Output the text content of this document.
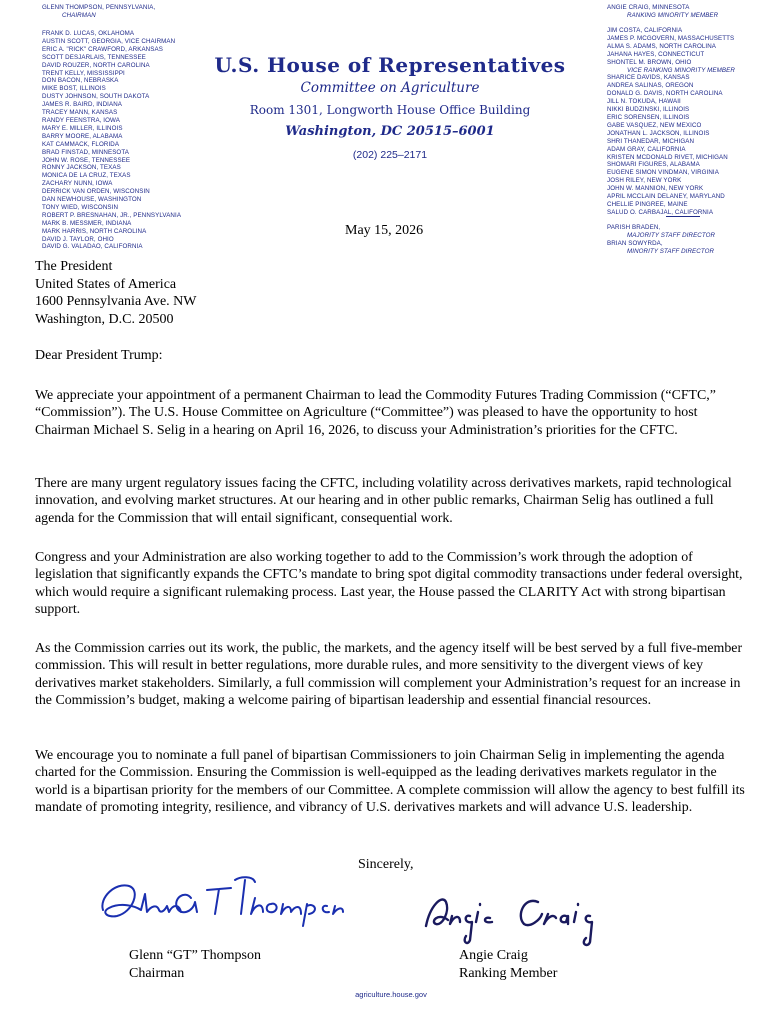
GLENN THOMPSON, PENNSYLVANIA,
CHAIRMAN
FRANK D. LUCAS, OKLAHOMA
AUSTIN SCOTT, GEORGIA, VICE CHAIRMAN
ERIC A. "RICK" CRAWFORD, ARKANSAS
SCOTT DESJARLAIS, TENNESSEE
DAVID ROUZER, NORTH CAROLINA
TRENT KELLY, MISSISSIPPI
DON BACON, NEBRASKA
MIKE BOST, ILLINOIS
DUSTY JOHNSON, SOUTH DAKOTA
JAMES R. BAIRD, INDIANA
TRACEY MANN, KANSAS
RANDY FEENSTRA, IOWA
MARY E. MILLER, ILLINOIS
BARRY MOORE, ALABAMA
KAT CAMMACK, FLORIDA
BRAD FINSTAD, MINNESOTA
JOHN W. ROSE, TENNESSEE
RONNY JACKSON, TEXAS
MONICA DE LA CRUZ, TEXAS
ZACHARY NUNN, IOWA
DERRICK VAN ORDEN, WISCONSIN
DAN NEWHOUSE, WASHINGTON
TONY WIED, WISCONSIN
ROBERT P. BRESNAHAN, JR., PENNSYLVANIA
MARK B. MESSMER, INDIANA
MARK HARRIS, NORTH CAROLINA
DAVID J. TAYLOR, OHIO
DAVID G. VALADAO, CALIFORNIA
ANGIE CRAIG, MINNESOTA
RANKING MINORITY MEMBER
JIM COSTA, CALIFORNIA
JAMES P. MCGOVERN, MASSACHUSETTS
ALMA S. ADAMS, NORTH CAROLINA
JAHANA HAYES, CONNECTICUT
SHONTEL M. BROWN, OHIO
VICE RANKING MINORITY MEMBER
SHARICE DAVIDS, KANSAS
ANDREA SALINAS, OREGON
DONALD G. DAVIS, NORTH CAROLINA
JILL N. TOKUDA, HAWAII
NIKKI BUDZINSKI, ILLINOIS
ERIC SORENSEN, ILLINOIS
GABE VASQUEZ, NEW MEXICO
JONATHAN L. JACKSON, ILLINOIS
SHRI THANEDAR, MICHIGAN
ADAM GRAY, CALIFORNIA
KRISTEN MCDONALD RIVET, MICHIGAN
SHOMARI FIGURES, ALABAMA
EUGENE SIMON VINDMAN, VIRGINIA
JOSH RILEY, NEW YORK
JOHN W. MANNION, NEW YORK
APRIL MCCLAIN DELANEY, MARYLAND
CHELLIE PINGREE, MAINE
SALUD O. CARBAJAL, CALIFORNIA
PARISH BRADEN,
MAJORITY STAFF DIRECTOR
BRIAN SOWYRDA,
MINORITY STAFF DIRECTOR
U.S. House of Representatives
Committee on Agriculture
Room 1301, Longworth House Office Building
Washington, DC 20515–6001
(202) 225–2171
May 15, 2026
The President
United States of America
1600 Pennsylvania Ave. NW
Washington, D.C. 20500
Dear President Trump:
We appreciate your appointment of a permanent Chairman to lead the Commodity Futures Trading Commission (“CFTC,” “Commission”). The U.S. House Committee on Agriculture (“Committee”) was pleased to have the opportunity to host Chairman Michael S. Selig in a hearing on April 16, 2026, to discuss your Administration’s priorities for the CFTC.
There are many urgent regulatory issues facing the CFTC, including volatility across derivatives markets, rapid technological innovation, and evolving market structures. At our hearing and in other public remarks, Chairman Selig has outlined a full agenda for the Commission that will entail significant, consequential work.
Congress and your Administration are also working together to add to the Commission’s work through the adoption of legislation that significantly expands the CFTC’s mandate to bring spot digital commodity transactions under federal oversight, which would require a significant rulemaking process. Last year, the House passed the CLARITY Act with strong bipartisan support.
As the Commission carries out its work, the public, the markets, and the agency itself will be best served by a full five-member commission. This will result in better regulations, more durable rules, and more sensitivity to the divergent views of key derivatives market stakeholders. Similarly, a full commission will complement your Administration’s request for an increase in the Commission’s budget, making a welcome pairing of bipartisan leadership and essential financial resources.
We encourage you to nominate a full panel of bipartisan Commissioners to join Chairman Selig in implementing the agenda charted for the Commission. Ensuring the Commission is well-equipped as the leading derivatives markets regulator in the world is a bipartisan priority for the members of our Committee. A complete commission will allow the agency to best fulfill its mandate of promoting integrity, resilience, and vibrancy of U.S. derivatives markets and will advance U.S. leadership.
Sincerely,
Glenn “GT” Thompson
Chairman
Angie Craig
Ranking Member
agriculture.house.gov
